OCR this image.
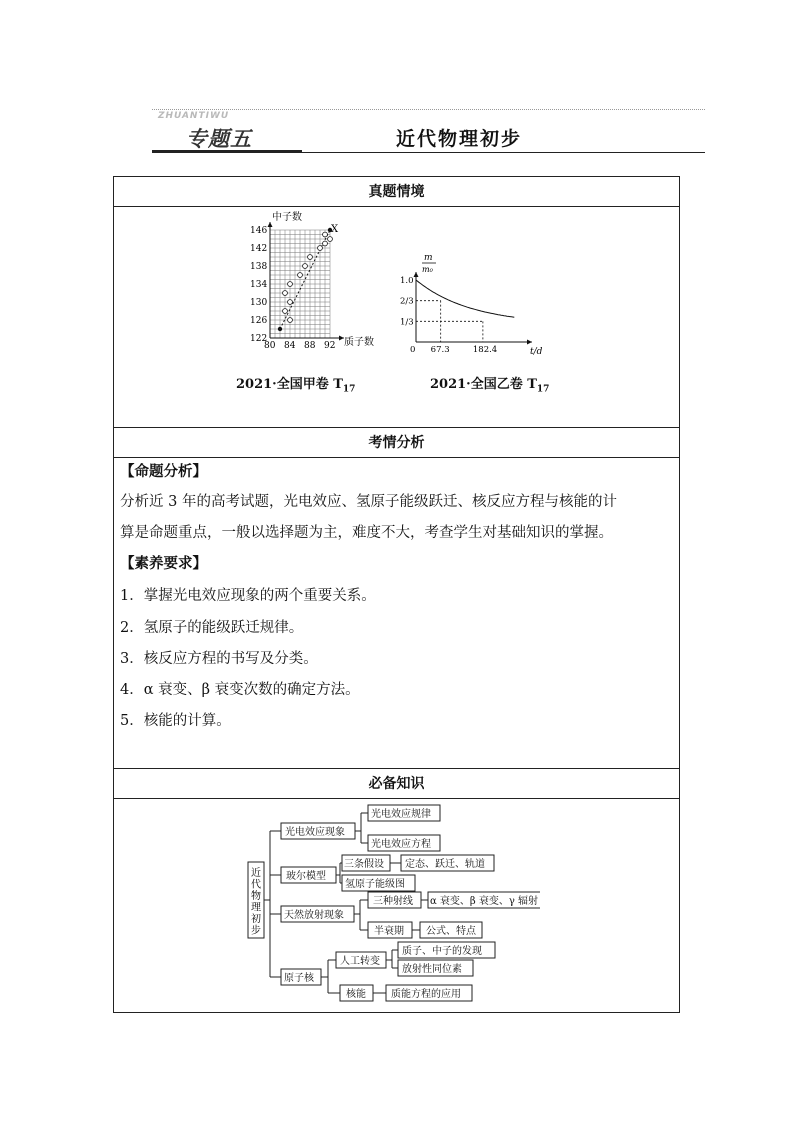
ZHUANTIWU
专题五	近代物理初步
真题情境
考情分析
必备知识
中子数
质子数
X
80 84 88 92
122
126
130
134
138
142
146
m
m₀
t/d
1.0
2/3
1/3
0 67.3	182.4
2021·全国甲卷 $T_{17}$	2021·全国乙卷 $T_{17}$
【命题分析】
分析近 3 年的高考试题，光电效应、氢原子能级跃迁、核反应方程与核能的计
算是命题重点，一般以选择题为主，难度不大，考查学生对基础知识的掌握。
【素养要求】
1．掌握光电效应现象的两个重要关系。
2．氢原子的能级跃迁规律。
3．核反应方程的书写及分类。
4．α 衰变、β 衰变次数的确定方法。
5．核能的计算。
近
代
物
理
初
步
光电效应现象
玻尔模型
天然放射现象
原子核
光电效应规律
光电效应方程
三条假设 定态、跃迁、轨道
氢原子能级图
三种射线 α 衰变、β 衰变、γ 辐射
半衰期 公式、特点
人工转变
质子、中子的发现
放射性同位素
核能	质能方程的应用
